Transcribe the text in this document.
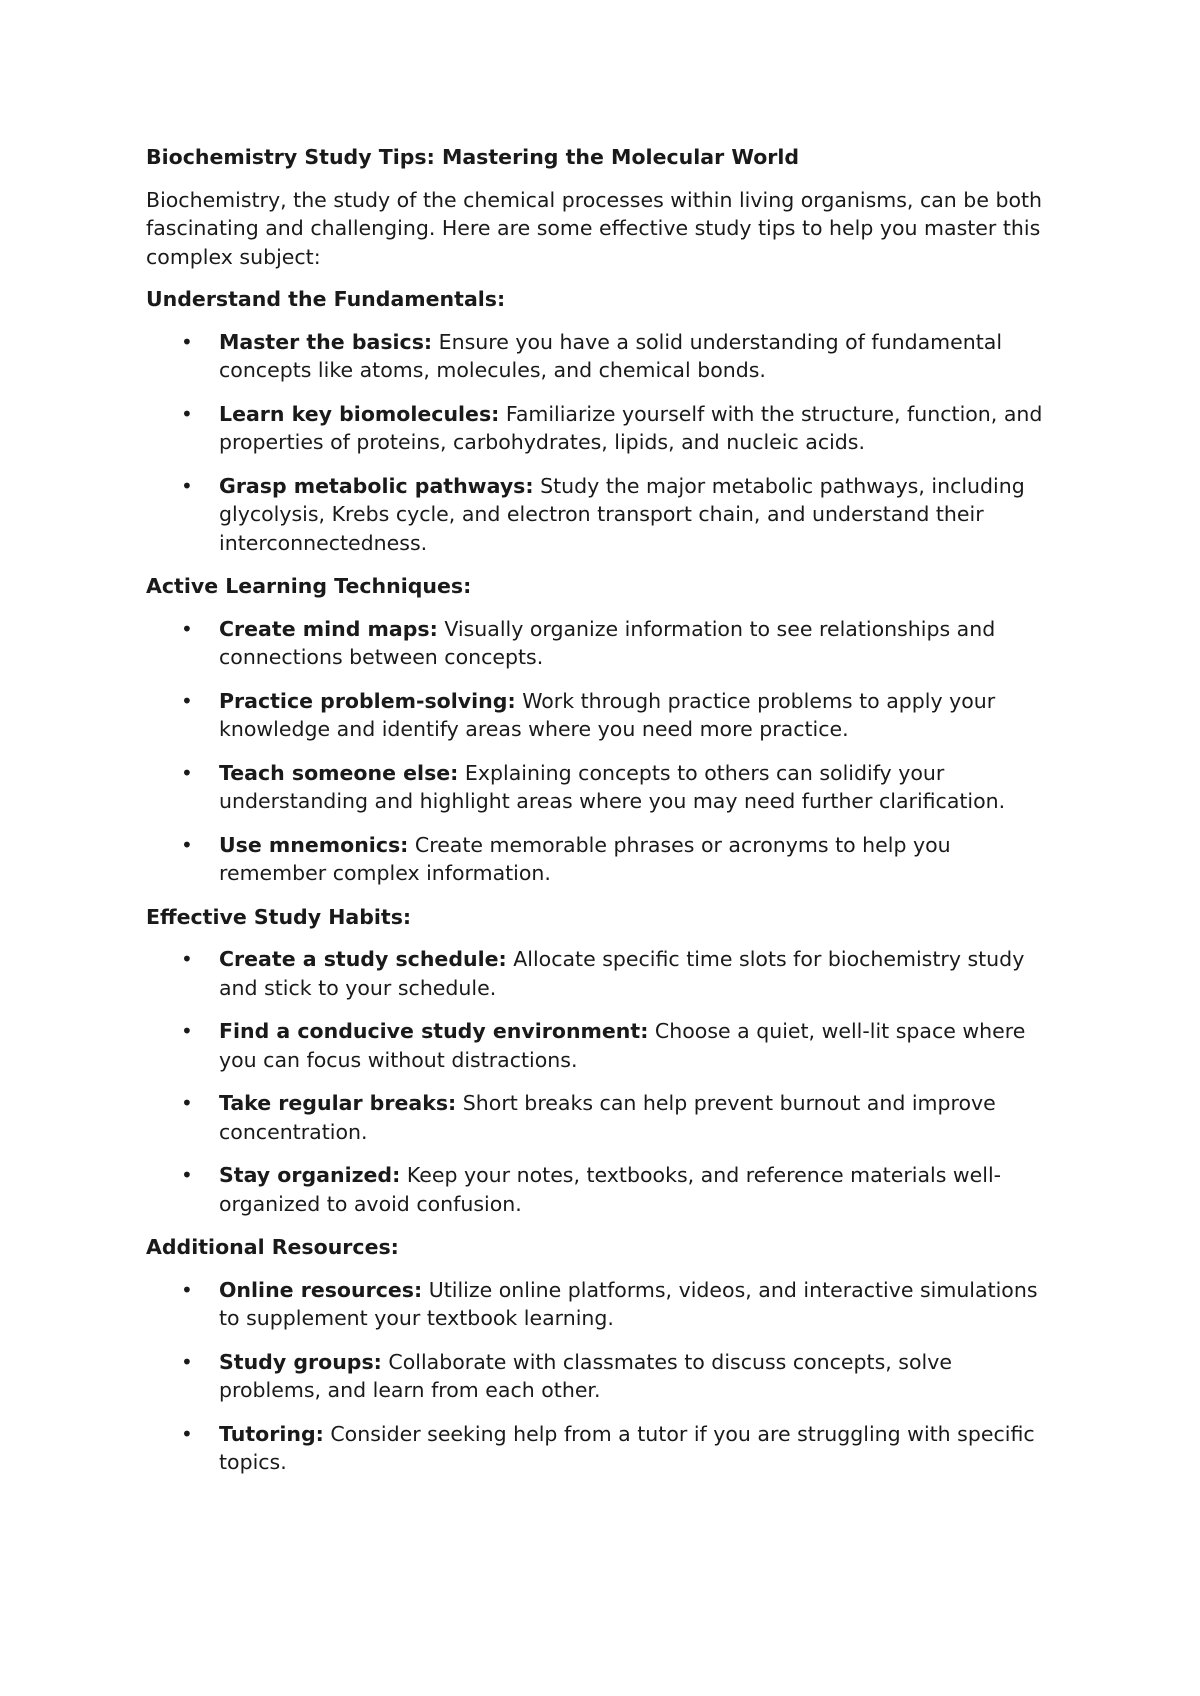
Biochemistry Study Tips: Mastering the Molecular World
Biochemistry, the study of the chemical processes within living organisms, can be both fascinating and challenging. Here are some effective study tips to help you master this complex subject:
Understand the Fundamentals:
• Master the basics: Ensure you have a solid understanding of fundamental concepts like atoms, molecules, and chemical bonds.
• Learn key biomolecules: Familiarize yourself with the structure, function, and properties of proteins, carbohydrates, lipids, and nucleic acids.
• Grasp metabolic pathways: Study the major metabolic pathways, including glycolysis, Krebs cycle, and electron transport chain, and understand their interconnectedness.
Active Learning Techniques:
• Create mind maps: Visually organize information to see relationships and connections between concepts.
• Practice problem-solving: Work through practice problems to apply your knowledge and identify areas where you need more practice.
• Teach someone else: Explaining concepts to others can solidify your understanding and highlight areas where you may need further clarification.
• Use mnemonics: Create memorable phrases or acronyms to help you remember complex information.
Effective Study Habits:
• Create a study schedule: Allocate specific time slots for biochemistry study and stick to your schedule.
• Find a conducive study environment: Choose a quiet, well-lit space where you can focus without distractions.
• Take regular breaks: Short breaks can help prevent burnout and improve concentration.
• Stay organized: Keep your notes, textbooks, and reference materials well-organized to avoid confusion.
Additional Resources:
• Online resources: Utilize online platforms, videos, and interactive simulations to supplement your textbook learning.
• Study groups: Collaborate with classmates to discuss concepts, solve problems, and learn from each other.
• Tutoring: Consider seeking help from a tutor if you are struggling with specific topics.
